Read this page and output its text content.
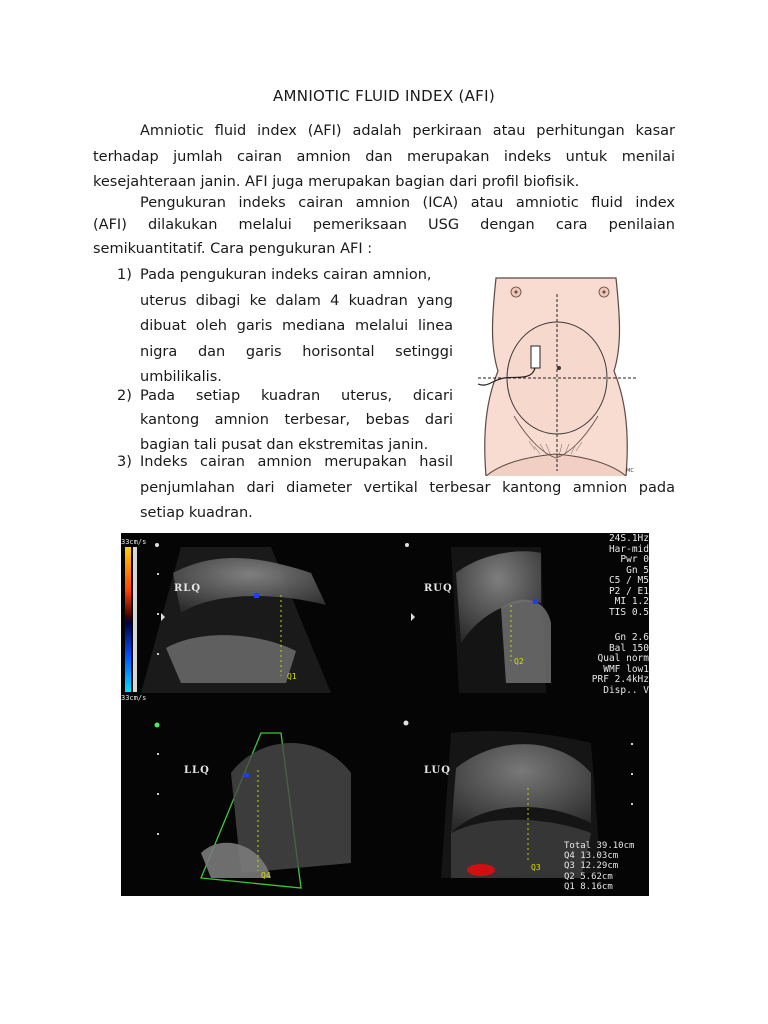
AMNIOTIC FLUID INDEX (AFI)
Amniotic fluid index (AFI) adalah perkiraan atau perhitungan kasar
terhadap jumlah cairan amnion dan merupakan indeks untuk menilai
kesejahteraan janin. AFI juga merupakan bagian dari profil biofisik.
Pengukuran indeks cairan amnion (ICA) atau amniotic fluid index
(AFI) dilakukan melalui pemeriksaan USG dengan cara penilaian
semikuantitatif. Cara pengukuran AFI :
1) Pada pengukuran indeks cairan amnion,
uterus dibagi ke dalam 4 kuadran yang
dibuat oleh garis mediana melalui linea
nigra dan garis horisontal setinggi
umbilikalis.
2) Pada setiap kuadran uterus, dicari
kantong amnion terbesar, bebas dari
bagian tali pusat dan ekstremitas janin.
3) Indeks cairan amnion merupakan hasil
penjumlahan dari diameter vertikal terbesar kantong amnion pada
setiap kuadran.
MC
33cm/s
33cm/s
RLQ	RUQ
LLQ	LUQ
Q1
Q2
Q3
Q4
24S.1Hz
Har-mid
Pwr 0
Gn 5
C5 / M5
P2 / E1
MI 1.2
TIS 0.5
Gn 2.6
Bal 150
Qual norm
WMF low1
PRF 2.4kHz
Disp.. V
Total 39.10cm
Q4 13.03cm
Q3 12.29cm
Q2 5.62cm
Q1 8.16cm
